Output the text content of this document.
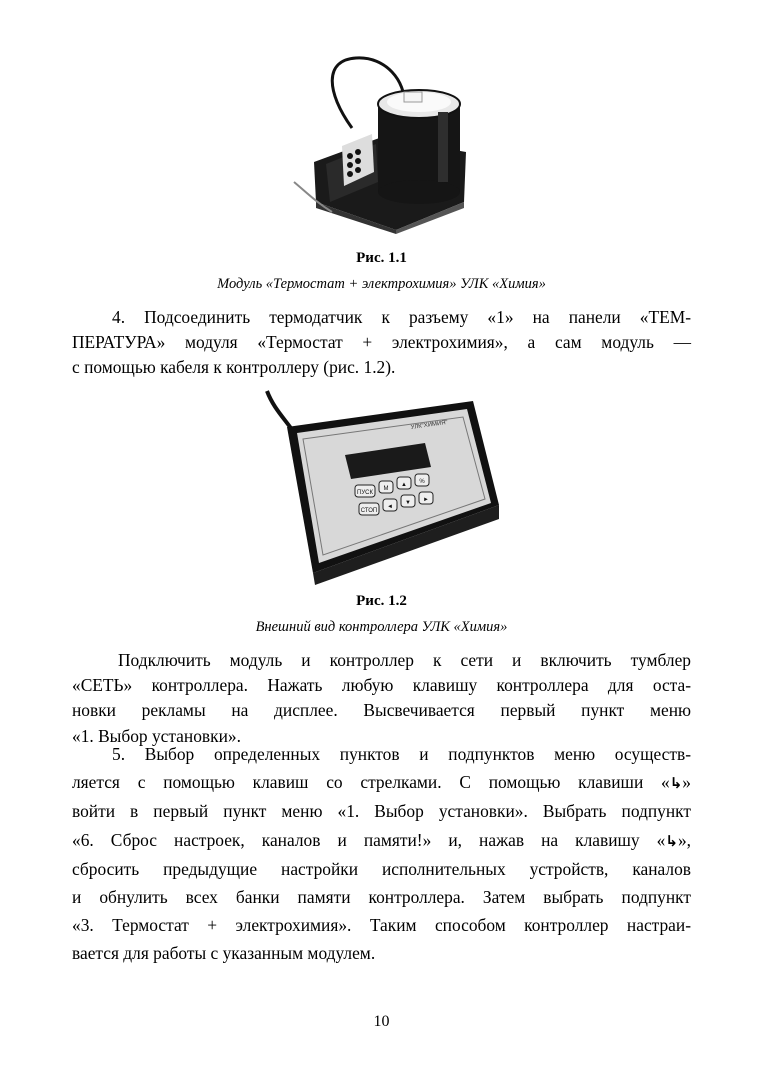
Рис. 1.1
Модуль «Термостат + электрохимия» УЛК «Химия»

4. Подсоединить термодатчик к разъему «1» на панели «ТЕМ-
ПЕРАТУРА» модуля «Термостат + электрохимия», а сам модуль —
с помощью кабеля к контроллеру (рис. 1.2).

УЛК"ХИМИЯ"
ПУСК
М
▲ %
СТОП
◄
▼ ►
Рис. 1.2
Внешний вид контроллера УЛК «Химия»

Подключить модуль и контроллер к сети и включить тумблер
«СЕТЬ» контроллера. Нажать любую клавишу контроллера для оста-
новки рекламы на дисплее. Высвечивается первый пункт меню
«1. Выбор установки».

5. Выбор определенных пунктов и подпунктов меню осуществ-
ляется с помощью клавиш со стрелками. С помощью клавиши «↳»
войти в первый пункт меню «1. Выбор установки». Выбрать подпункт
«6. Сброс настроек, каналов и памяти!» и, нажав на клавишу «↳»,
сбросить предыдущие настройки исполнительных устройств, каналов
и обнулить всех банки памяти контроллера. Затем выбрать подпункт
«3. Термостат + электрохимия». Таким способом контроллер настраи-
вается для работы с указанным модулем.

10
